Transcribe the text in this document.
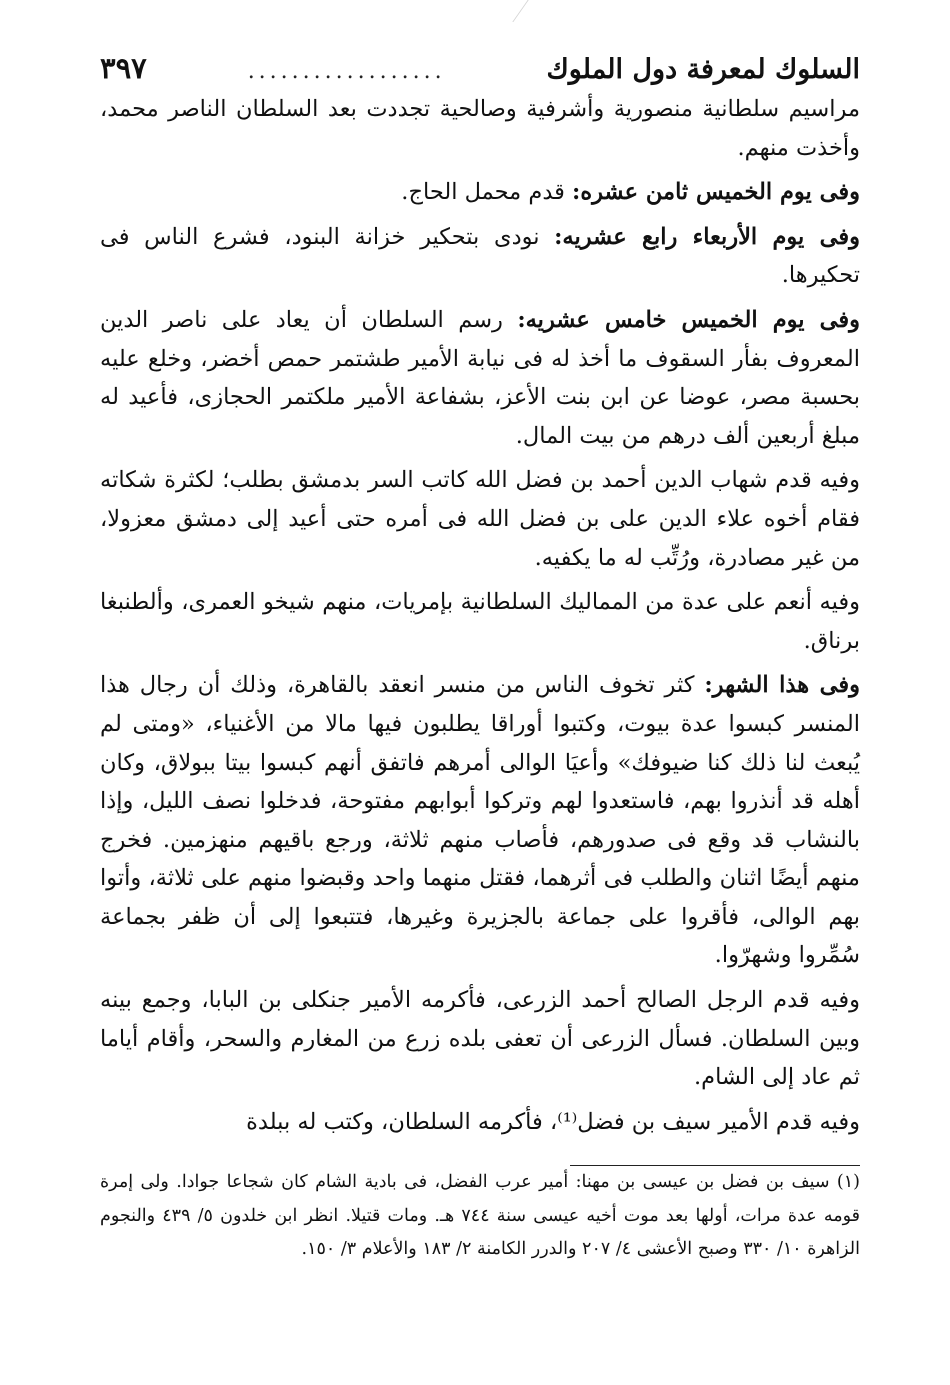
السلوك لمعرفة دول الملوك
..................
٣٩٧

مراسيم سلطانية منصورية وأشرفية وصالحية تجددت بعد السلطان الناصر محمد، وأخذت منهم.

وفى يوم الخميس ثامن عشره: قدم محمل الحاج.

وفى يوم الأربعاء رابع عشريه: نودى بتحكير خزانة البنود، فشرع الناس فى تحكيرها.

وفى يوم الخميس خامس عشريه: رسم السلطان أن يعاد على ناصر الدين المعروف بفأر السقوف ما أخذ له فى نيابة الأمير طشتمر حمص أخضر، وخلع عليه بحسبة مصر، عوضا عن ابن بنت الأعز، بشفاعة الأمير ملكتمر الحجازى، فأعيد له مبلغ أربعين ألف درهم من بيت المال.

وفيه قدم شهاب الدين أحمد بن فضل الله كاتب السر بدمشق بطلب؛ لكثرة شكاته فقام أخوه علاء الدين على بن فضل الله فى أمره حتى أعيد إلى دمشق معزولا، من غير مصادرة، ورُتِّب له ما يكفيه.

وفيه أنعم على عدة من المماليك السلطانية بإمريات، منهم شيخو العمرى، وألطنبغا برناق.

وفى هذا الشهر: كثر تخوف الناس من منسر انعقد بالقاهرة، وذلك أن رجال هذا المنسر كبسوا عدة بيوت، وكتبوا أوراقا يطلبون فيها مالا من الأغنياء، «ومتى لم يُبعث لنا ذلك كنا ضيوفك» وأعيَا الوالى أمرهم فاتفق أنهم كبسوا بيتا ببولاق، وكان أهله قد أنذروا بهم، فاستعدوا لهم وتركوا أبوابهم مفتوحة، فدخلوا نصف الليل، وإذا بالنشاب قد وقع فى صدورهم، فأصاب منهم ثلاثة، ورجع باقيهم منهزمين. فخرج منهم أيضًا اثنان والطلب فى أثرهما، فقتل منهما واحد وقبضوا منهم على ثلاثة، وأتوا بهم الوالى، فأقروا على جماعة بالجزيرة وغيرها، فتتبعوا إلى أن ظفر بجماعة سُمِّروا وشهرّوا.

وفيه قدم الرجل الصالح أحمد الزرعى، فأكرمه الأمير جنكلى بن البابا، وجمع بينه وبين السلطان. فسأل الزرعى أن تعفى بلده زرع من المغارم والسحر، وأقام أياما ثم عاد إلى الشام.

وفيه قدم الأمير سيف بن فضل⁽¹⁾، فأكرمه السلطان، وكتب له ببلدة

(١) سيف بن فضل بن عيسى بن مهنا: أمير عرب الفضل، فى بادية الشام كان شجاعا جوادا. ولى إمرة قومه عدة مرات، أولها بعد موت أخيه عيسى سنة ٧٤٤ هـ. ومات قتيلا. انظر ابن خلدون ٥/ ٤٣٩ والنجوم الزاهرة ١٠/ ٣٣٠ وصبح الأعشى ٤/ ٢٠٧ والدرر الكامنة ٢/ ١٨٣ والأعلام ٣/ ١٥٠.
